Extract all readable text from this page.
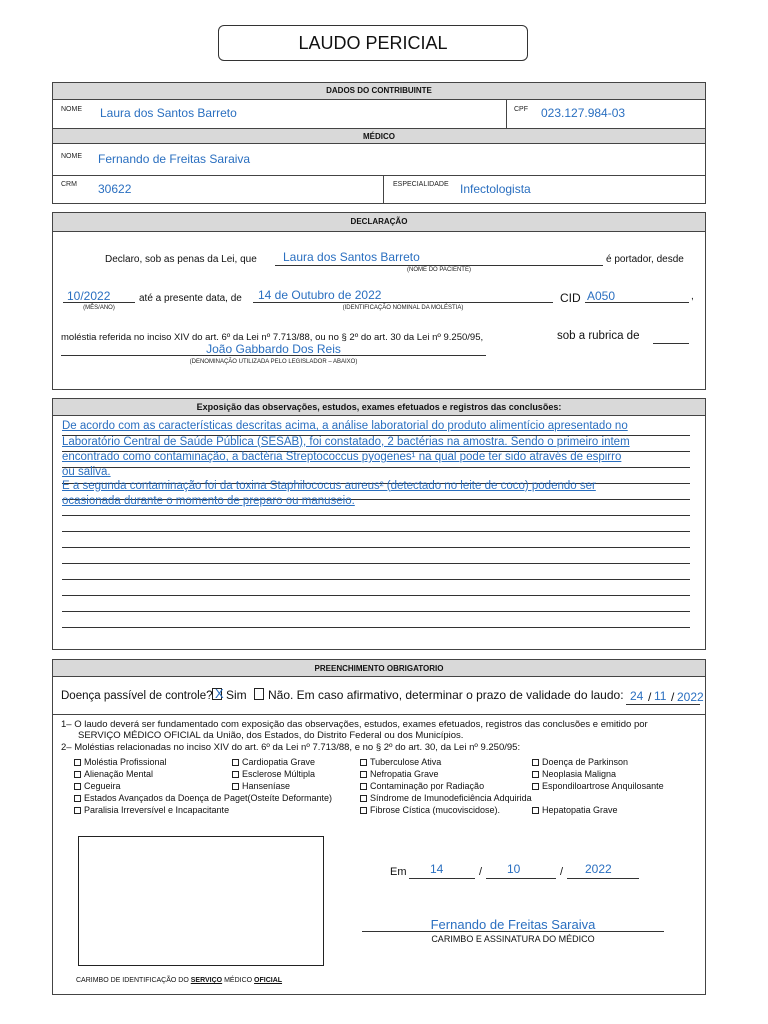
LAUDO PERICIAL
DADOS DO CONTRIBUINTE
NOME Laura dos Santos Barreto	CPF 023.127.984-03
MÉDICO
NOME Fernando de Freitas Saraiva
CRM 30622	ESPECIALIDADE Infectologista
DECLARAÇÃO
Declaro, sob as penas da Lei, que Laura dos Santos Barreto
(NOME DO PACIENTE)
é portador, desde
10/2022
(MÊS/ANO)
até a presente data, de 14 de Outubro de 2022
(IDENTIFICAÇÃO NOMINAL DA MOLÉSTIA)
CID A050	,
moléstia referida no inciso XIV do art. 6º da Lei nº 7.713/88, ou no § 2º do art. 30 da Lei nº 9.250/95,	sob a rubrica de
João Gabbardo Dos Reis
(DENOMINAÇÃO UTILIZADA PELO LEGISLADOR – ABAIXO)
Exposição das observações, estudos, exames efetuados e registros das conclusões:
De acordo com as características descritas acima, a análise laboratorial do produto alimentício apresentado no
Laboratório Central de Saúde Pública (SESAB), foi constatado, 2 bactérias na amostra. Sendo o primeiro intem
encontrado como contaminação, a bactéria Streptococcus pyogenes¹ na qual pode ter sido através de espirro
ou saliva.
E a segunda contaminação foi da toxina Staphilococus aureus² (detectado no leite de coco) podendo ser
ocasionada durante o momento de preparo ou manuseio.
PREENCHIMENTO OBRIGATORIO
Doença passível de controle? X Sim Não. Em caso afirmativo, determinar o prazo de validade do laudo: 24 / 11 / 2022
1– O laudo deverá ser fundamentado com exposição das observações, estudos, exames efetuados, registros das conclusões e emitido por
SERVIÇO MÉDICO OFICIAL da União, dos Estados, do Distrito Federal ou dos Municípios.
2– Moléstias relacionadas no inciso XIV do art. 6º da Lei nº 7.713/88, e no § 2º do art. 30, da Lei nº 9.250/95:
Moléstia Profissional	Cardiopatia Grave	Tuberculose Ativa	Doença de Parkinson
Alienação Mental	Esclerose Múltipla	Nefropatia Grave	Neoplasia Maligna
Cegueira	Hanseníase	Contaminação por Radiação	Espondiloartrose Anquilosante
Estados Avançados da Doença de Paget(Osteíte Deformante)	Síndrome de Imunodeficiência Adquirida
Paralisia Irreversível e Incapacitante	Fibrose Cística (mucoviscidose).	Hepatopatia Grave
CARIMBO DE IDENTIFICAÇÃO DO SERVIÇO MÉDICO OFICIAL
Em 14	/ 10	/ 2022
Fernando de Freitas Saraiva
CARIMBO E ASSINATURA DO MÉDICO
